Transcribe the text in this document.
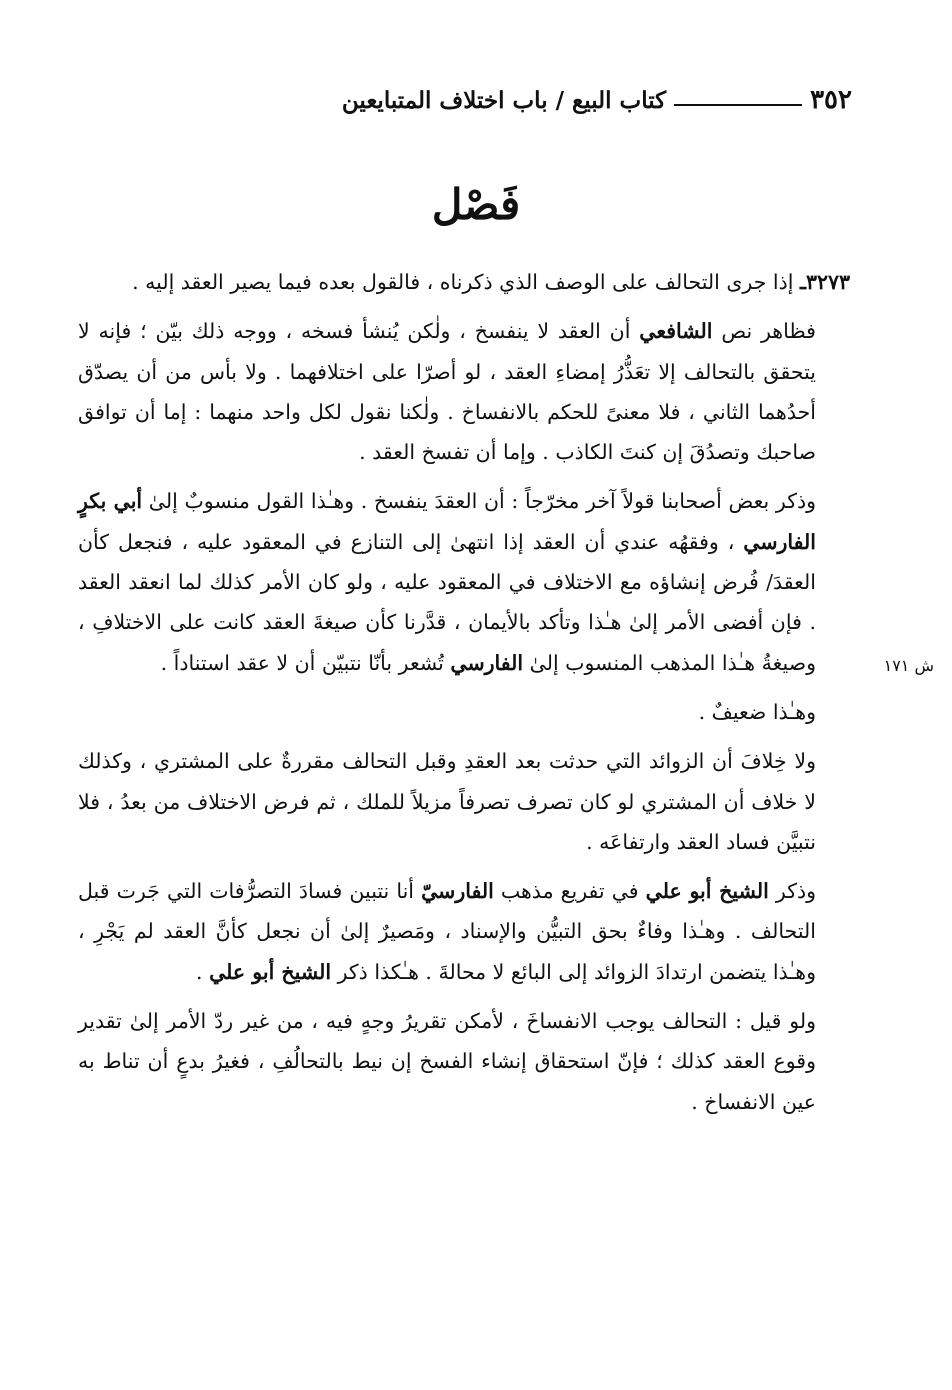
٣٥٢
كتاب البيع / باب اختلاف المتبايعين
فَصْل
ش ١٧١

٣٢٧٣ـ إذا جرى التحالف على الوصف الذي ذكرناه ، فالقول بعده فيما يصير العقد إليه .

فظاهر نص الشافعي أن العقد لا ينفسخ ، ولٰكن يُنشأ فسخه ، ووجه ذلك بيّن ؛ فإنه لا يتحقق بالتحالف إلا تعَذُّرُ إمضاءِ العقد ، لو أصرّا على اختلافهما . ولا بأس من أن يصدّق أحدُهما الثاني ، فلا معنىً للحكم بالانفساخ . ولٰكنا نقول لكل واحد منهما : إما أن توافق صاحبك وتصدُقَ إن كنتَ الكاذب . وإما أن تفسخ العقد .

وذكر بعض أصحابنا قولاً آخر مخرّجاً : أن العقدَ ينفسخ . وهـٰذا القول منسوبٌ إلىٰ أبي بكرٍ الفارسي ، وفقهُه عندي أن العقد إذا انتهىٰ إلى التنازع في المعقود عليه ، فنجعل كأن العقدَ/ فُرض إنشاؤه مع الاختلاف في المعقود عليه ، ولو كان الأمر كذلك لما انعقد العقد . فإن أفضى الأمر إلىٰ هـٰذا وتأكد بالأيمان ، قدَّرنا كأن صيغةَ العقد كانت على الاختلافِ ، وصيغةُ هـٰذا المذهب المنسوب إلىٰ الفارسي تُشعر بأنّا نتبيّن أن لا عقد استناداً .

وهـٰذا ضعيفٌ .

ولا خِلافَ أن الزوائد التي حدثت بعد العقدِ وقبل التحالف مقررةٌ على المشتري ، وكذلك لا خلاف أن المشتري لو كان تصرف تصرفاً مزيلاً للملك ، ثم فرض الاختلاف من بعدُ ، فلا نتبيَّن فساد العقد وارتفاعَه .

وذكر الشيخ أبو علي في تفريع مذهب الفارسيّ أنا نتبين فسادَ التصرُّفات التي جَرت قبل التحالف . وهـٰذا وفاءٌ بحق التبيُّن والإسناد ، ومَصيرٌ إلىٰ أن نجعل كأنَّ العقد لم يَجْرِ ، وهـٰذا يتضمن ارتدادَ الزوائد إلى البائع لا محالةَ . هـٰكذا ذكر الشيخ أبو علي .

ولو قيل : التحالف يوجب الانفساخَ ، لأمكن تقريرُ وجهٍ فيه ، من غير ردّ الأمر إلىٰ تقدير وقوع العقد كذلك ؛ فإنّ استحقاق إنشاء الفسخ إن نيط بالتحالُفِ ، فغيرُ بدعٍ أن تناط به عين الانفساخ .
